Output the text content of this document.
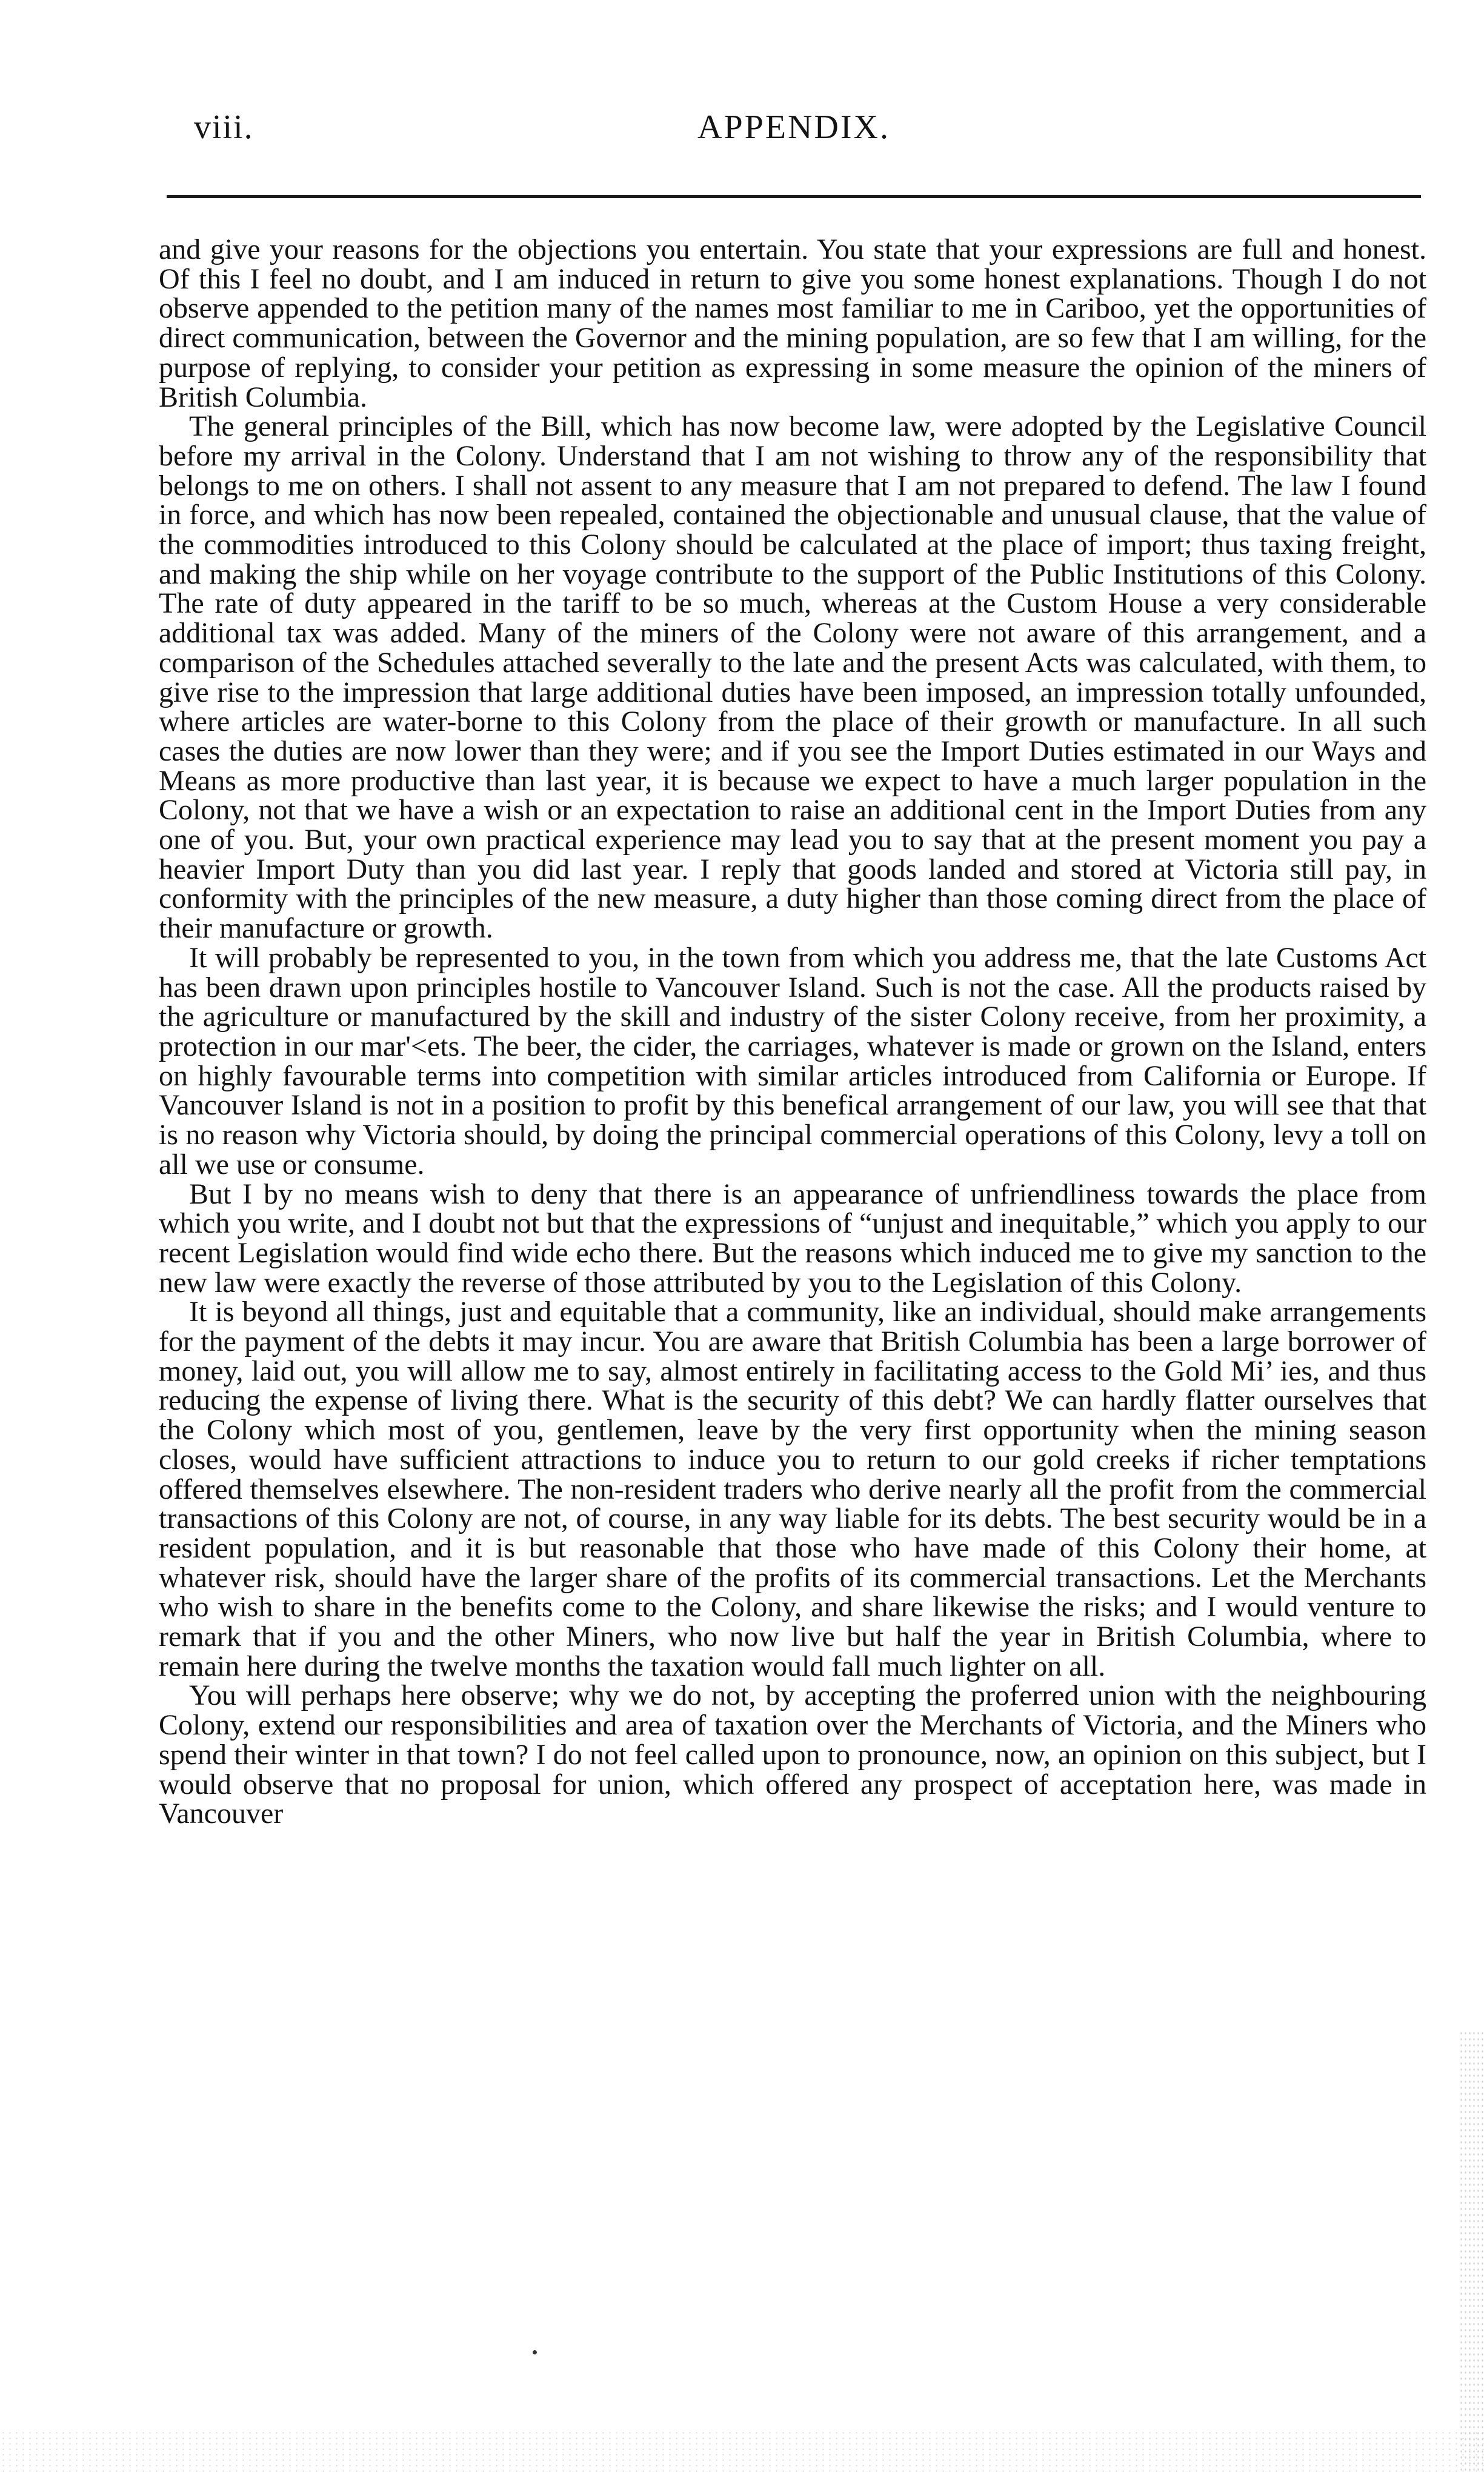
viii.	APPENDIX.

and give your reasons for the objections you entertain. You state that your expressions are full and honest. Of this I feel no doubt, and I am induced in return to give you some honest explanations. Though I do not observe appended to the petition many of the names most familiar to me in Cariboo, yet the opportunities of direct communication, between the Governor and the mining population, are so few that I am willing, for the purpose of replying, to consider your petition as expressing in some measure the opinion of the miners of British Columbia.

The general principles of the Bill, which has now become law, were adopted by the Legislative Council before my arrival in the Colony. Understand that I am not wishing to throw any of the responsibility that belongs to me on others. I shall not assent to any measure that I am not prepared to defend. The law I found in force, and which has now been repealed, contained the objectionable and unusual clause, that the value of the commodities introduced to this Colony should be calculated at the place of import; thus taxing freight, and making the ship while on her voyage contribute to the support of the Public Institutions of this Colony. The rate of duty appeared in the tariff to be so much, whereas at the Custom House a very considerable additional tax was added. Many of the miners of the Colony were not aware of this arrangement, and a comparison of the Schedules attached severally to the late and the present Acts was calculated, with them, to give rise to the impression that large additional duties have been imposed, an impression totally unfounded, where articles are water-borne to this Colony from the place of their growth or manufacture. In all such cases the duties are now lower than they were; and if you see the Import Duties estimated in our Ways and Means as more productive than last year, it is because we expect to have a much larger population in the Colony, not that we have a wish or an expectation to raise an additional cent in the Import Duties from any one of you. But, your own practical experience may lead you to say that at the present moment you pay a heavier Import Duty than you did last year. I reply that goods landed and stored at Victoria still pay, in conformity with the principles of the new measure, a duty higher than those coming direct from the place of their manufacture or growth.

It will probably be represented to you, in the town from which you address me, that the late Customs Act has been drawn upon principles hostile to Vancouver Island. Such is not the case. All the products raised by the agriculture or manufactured by the skill and industry of the sister Colony receive, from her proximity, a protection in our mar'<ets. The beer, the cider, the carriages, whatever is made or grown on the Island, enters on highly favourable terms into competition with similar articles introduced from California or Europe. If Vancouver Island is not in a position to profit by this benefical arrangement of our law, you will see that that is no reason why Victoria should, by doing the principal commercial operations of this Colony, levy a toll on all we use or consume.

But I by no means wish to deny that there is an appearance of unfriendliness towards the place from which you write, and I doubt not but that the expressions of “unjust and inequitable,” which you apply to our recent Legislation would find wide echo there. But the reasons which induced me to give my sanction to the new law were exactly the reverse of those attributed by you to the Legislation of this Colony.

It is beyond all things, just and equitable that a community, like an individual, should make arrangements for the payment of the debts it may incur. You are aware that British Columbia has been a large borrower of money, laid out, you will allow me to say, almost entirely in facilitating access to the Gold Mi’ ies, and thus reducing the expense of living there. What is the security of this debt? We can hardly flatter ourselves that the Colony which most of you, gentlemen, leave by the very first opportunity when the mining season closes, would have sufficient attractions to induce you to return to our gold creeks if richer temptations offered themselves elsewhere. The non-resident traders who derive nearly all the profit from the commercial transactions of this Colony are not, of course, in any way liable for its debts. The best security would be in a resident population, and it is but reasonable that those who have made of this Colony their home, at whatever risk, should have the larger share of the profits of its commercial transactions. Let the Merchants who wish to share in the benefits come to the Colony, and share likewise the risks; and I would venture to remark that if you and the other Miners, who now live but half the year in British Columbia, where to remain here during the twelve months the taxation would fall much lighter on all.

You will perhaps here observe; why we do not, by accepting the proferred union with the neighbouring Colony, extend our responsibilities and area of taxation over the Merchants of Victoria, and the Miners who spend their winter in that town? I do not feel called upon to pronounce, now, an opinion on this subject, but I would observe that no proposal for union, which offered any prospect of acceptation here, was made in Vancouver
